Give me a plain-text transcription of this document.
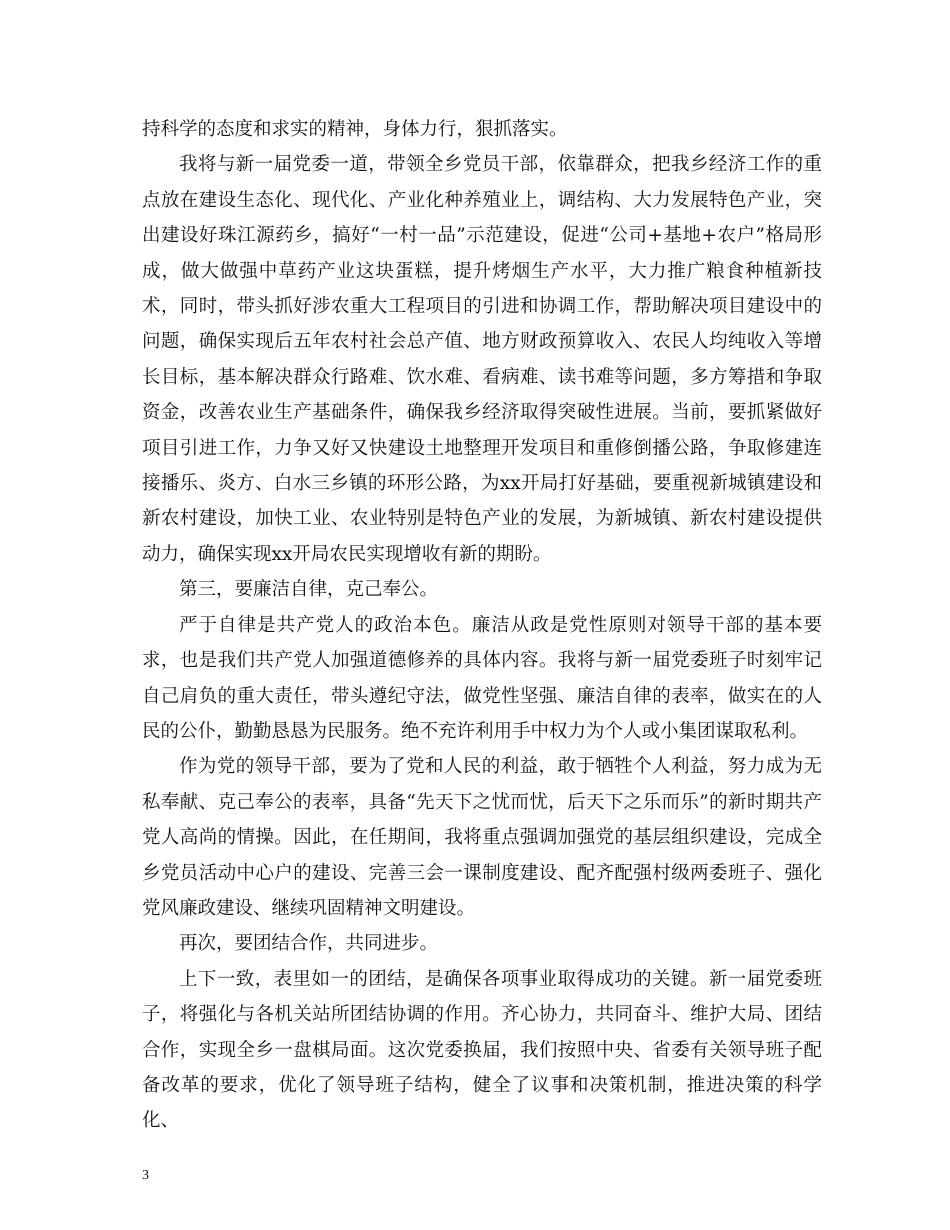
持科学的态度和求实的精神，身体力行，狠抓落实。

我将与新一届党委一道，带领全乡党员干部，依靠群众，把我乡经济工作的重点放在建设生态化、现代化、产业化种养殖业上，调结构、大力发展特色产业，突出建设好珠江源药乡，搞好“一村一品”示范建设，促进“公司+基地+农户”格局形成，做大做强中草药产业这块蛋糕，提升烤烟生产水平，大力推广粮食种植新技术，同时，带头抓好涉农重大工程项目的引进和协调工作，帮助解决项目建设中的问题，确保实现后五年农村社会总产值、地方财政预算收入、农民人均纯收入等增长目标，基本解决群众行路难、饮水难、看病难、读书难等问题，多方筹措和争取资金，改善农业生产基础条件，确保我乡经济取得突破性进展。当前，要抓紧做好项目引进工作，力争又好又快建设土地整理开发项目和重修倒播公路，争取修建连接播乐、炎方、白水三乡镇的环形公路，为xx开局打好基础，要重视新城镇建设和新农村建设，加快工业、农业特别是特色产业的发展，为新城镇、新农村建设提供动力，确保实现xx开局农民实现增收有新的期盼。

第三，要廉洁自律，克己奉公。

严于自律是共产党人的政治本色。廉洁从政是党性原则对领导干部的基本要求，也是我们共产党人加强道德修养的具体内容。我将与新一届党委班子时刻牢记自己肩负的重大责任，带头遵纪守法，做党性坚强、廉洁自律的表率，做实在的人民的公仆，勤勤恳恳为民服务。绝不充许利用手中权力为个人或小集团谋取私利。

作为党的领导干部，要为了党和人民的利益，敢于牺牲个人利益，努力成为无私奉献、克己奉公的表率，具备“先天下之忧而忧，后天下之乐而乐”的新时期共产党人高尚的情操。因此，在任期间，我将重点强调加强党的基层组织建设，完成全乡党员活动中心户的建设、完善三会一课制度建设、配齐配强村级两委班子、强化党风廉政建设、继续巩固精神文明建设。

再次，要团结合作，共同进步。

上下一致，表里如一的团结，是确保各项事业取得成功的关键。新一届党委班子，将强化与各机关站所团结协调的作用。齐心协力，共同奋斗、维护大局、团结合作，实现全乡一盘棋局面。这次党委换届，我们按照中央、省委有关领导班子配备改革的要求，优化了领导班子结构，健全了议事和决策机制，推进决策的科学化、

3
